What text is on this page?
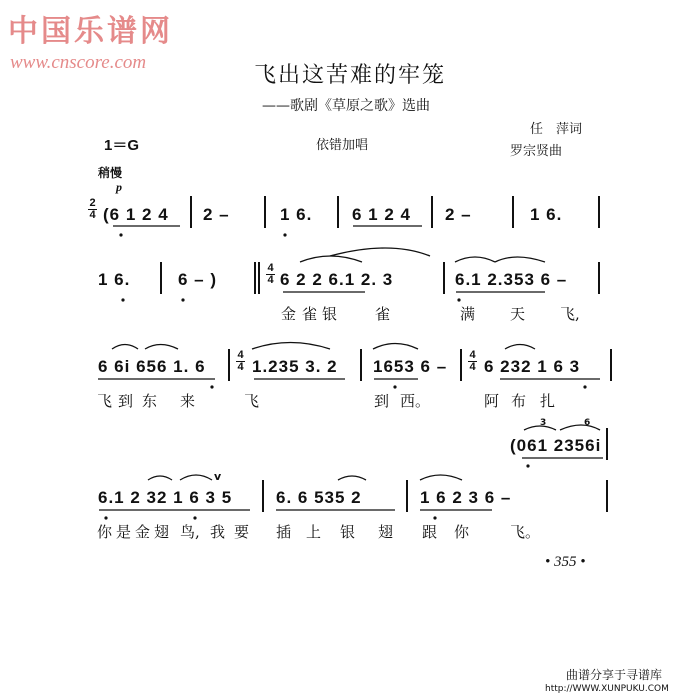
中国乐谱网
www.cnscore.com
飞出这苦难的牢笼
——歌剧《草原之歌》选曲
任　萍词
罗宗贤曲
1＝G	依错加唱
稍慢
p
2
4 (6 1 2 4 2 –	1 6. 6 1 2 4 2 –	1 6.
1 6.	6 – )
4
4 6 2 2 6.1 2. 3	6.1 2.353 6 –
金 雀 银	雀	满 天 飞,
6 6i 656 1. 6
4
4 1.235 3. 2 1653 6 –
4
4 6 232 1 6 3
飞 到 东 来	飞	到 西。	阿 布 扎
(061 2356i
3	6
6.1 2 32 1 6 3 5
v
6. 6 535 2	1 6 2 3 6 –
你 是 金 翅 鸟, 我 要 插 上 银 翅 跟 你	飞。
• 355 •
曲谱分享于寻谱库
http://WWW.XUNPUKU.COM
